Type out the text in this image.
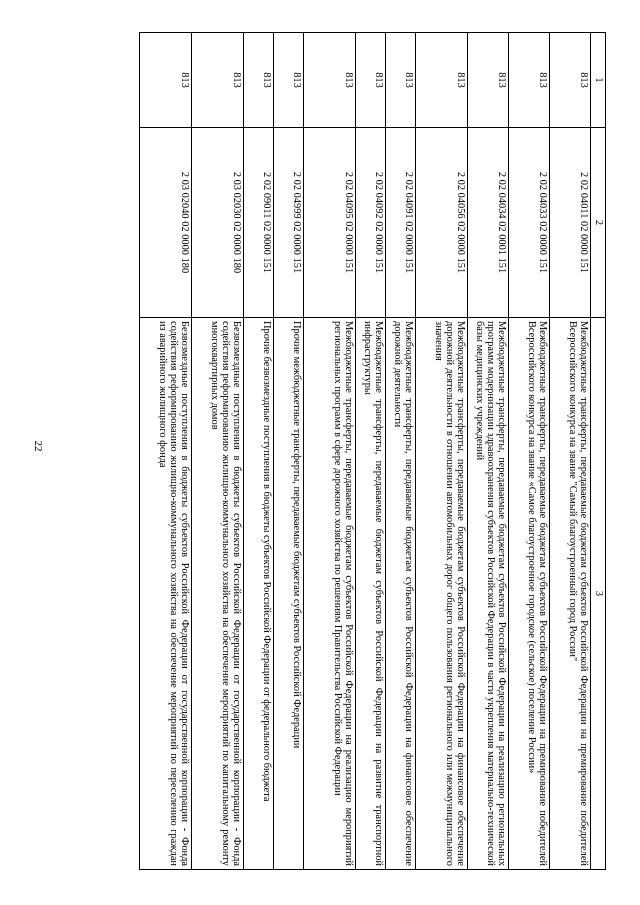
22
1	2	3
813	2 02 04011 02 0000 151	Межбюджетные трансферты, передаваемые бюджетам субъектов Российской Федерации на премирование победителей Всероссийского конкурса на звание "Самый благоустроенный город России"
813	2 02 04033 02 0000 151	Межбюджетные трансферты, передаваемые бюджетам субъектов Российской Федерации на премирование победителей Всероссийского конкурса на звание «Самое благоустроенное городское (сельское) поселение России»
813	2 02 04034 02 0001 151	Межбюджетные трансферты, передаваемые бюджетам субъектов Российской Федерации на реализацию региональных программ модернизации здравоохранения субъектов Российской Федерации в части укрепления материально-технической базы медицинских учреждений
813	2 02 04056 02 0000 151	Межбюджетные трансферты, передаваемые бюджетам субъектов Российской Федерации на финансовое обеспечение дорожной деятельности в отношении автомобильных дорог общего пользования регионального или межмуниципального значения
813	2 02 04091 02 0000 151	Межбюджетные трансферты, передаваемые бюджетам субъектов Российской Федерации на финансовое обеспечение дорожной деятельности
813	2 02 04092 02 0000 151	Межбюджетные трансферты, передаваемые бюджетам субъектов Российской Федерации на развитие транспортной инфраструктуры
813	2 02 04095 02 0000 151	Межбюджетные трансферты, передаваемые бюджетам субъектов Российской Федерации на реализацию мероприятий региональных программ в сфере дорожного хозяйства по решениям Правительства Российской Федерации
813	2 02 04999 02 0000 151	Прочие межбюджетные трансферты, передаваемые бюджетам субъектов Российской Федерации
813	2 02 09011 02 0000 151	Прочие безвозмездные поступления в бюджеты субъектов Российской Федерации от федерального бюджета
813	2 03 02030 02 0000 180	Безвозмездные поступления в бюджеты субъектов Российской Федерации от государственной корпорации - Фонда содействия реформированию жилищно-коммунального хозяйства на обеспечение мероприятий по капитальному ремонту многоквартирных домов
813	2 03 02040 02 0000 180	Безвозмездные поступления в бюджеты субъектов Российской Федерации от государственной корпорации - Фонда содействия реформированию жилищно-коммунального хозяйства на обеспечение мероприятий по переселению граждан из аварийного жилищного фонда
